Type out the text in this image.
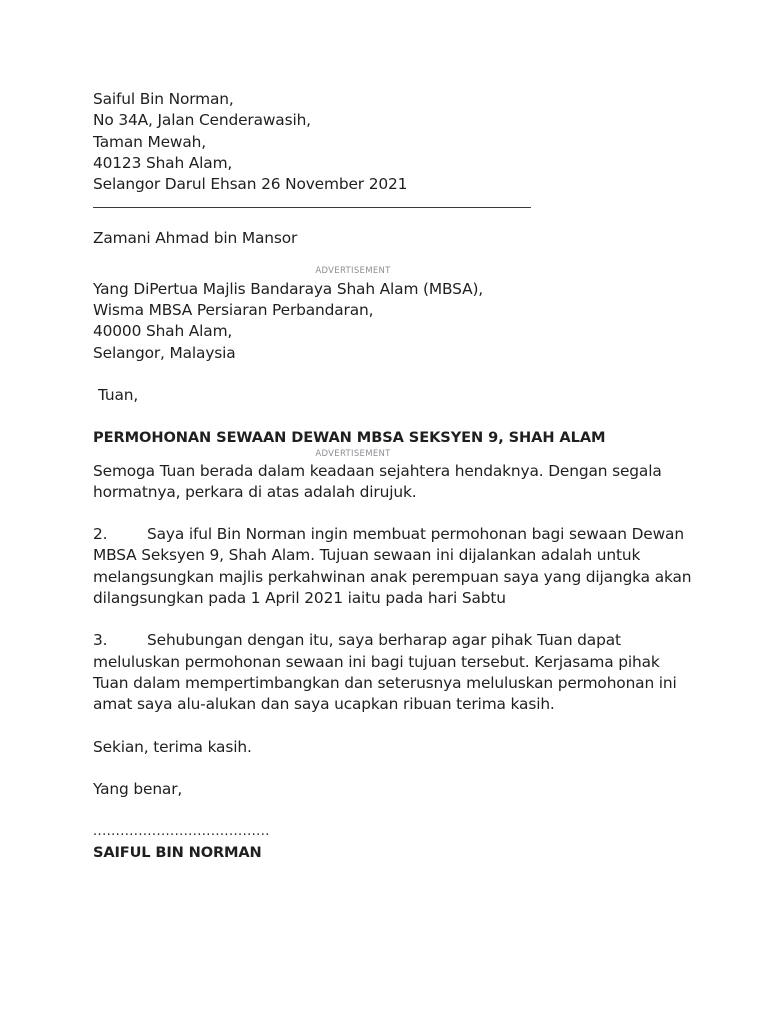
Saiful Bin Norman,
No 34A, Jalan Cenderawasih,
Taman Mewah,
40123 Shah Alam,
Selangor Darul Ehsan 26 November 2021
Zamani Ahmad bin Mansor
ADVERTISEMENT
Yang DiPertua Majlis Bandaraya Shah Alam (MBSA),
Wisma MBSA Persiaran Perbandaran,
40000 Shah Alam,
Selangor, Malaysia
Tuan,
PERMOHONAN SEWAAN DEWAN MBSA SEKSYEN 9, SHAH ALAM
ADVERTISEMENT
Semoga Tuan berada dalam keadaan sejahtera hendaknya. Dengan segala
hormatnya, perkara di atas adalah dirujuk.
2.	Saya iful Bin Norman ingin membuat permohonan bagi sewaan Dewan
MBSA Seksyen 9, Shah Alam. Tujuan sewaan ini dijalankan adalah untuk
melangsungkan majlis perkahwinan anak perempuan saya yang dijangka akan
dilangsungkan pada 1 April 2021 iaitu pada hari Sabtu
3.	Sehubungan dengan itu, saya berharap agar pihak Tuan dapat
meluluskan permohonan sewaan ini bagi tujuan tersebut. Kerjasama pihak
Tuan dalam mempertimbangkan dan seterusnya meluluskan permohonan ini
amat saya alu-alukan dan saya ucapkan ribuan terima kasih.
Sekian, terima kasih.
Yang benar,
.......................................
SAIFUL BIN NORMAN
